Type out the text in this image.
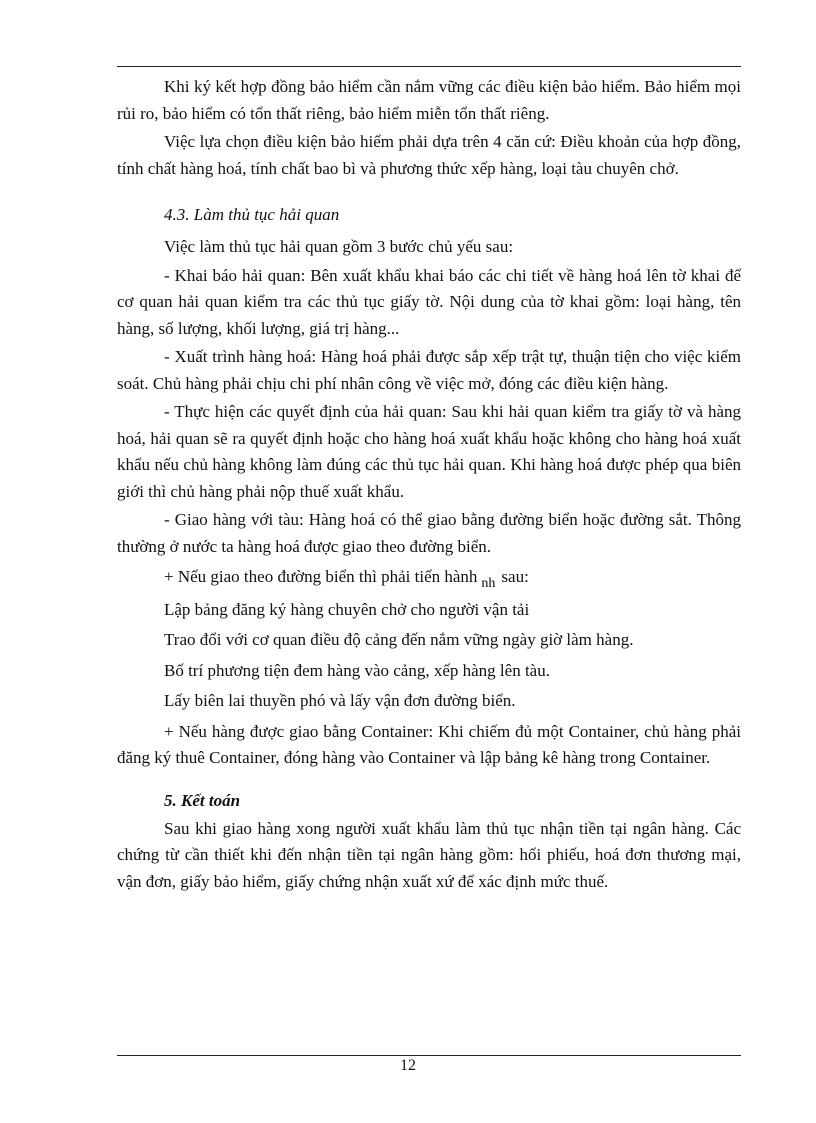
Khi ký kết hợp đồng bảo hiểm cần nắm vững các điều kiện bảo hiểm. Bảo hiểm mọi rủi ro, bảo hiểm có tổn thất riêng, bảo hiểm miễn tổn thất riêng.

Việc lựa chọn điều kiện bảo hiểm phải dựa trên 4 căn cứ: Điều khoản của hợp đồng, tính chất hàng hoá, tính chất bao bì và phương thức xếp hàng, loại tàu chuyên chở.

4.3. Làm thủ tục hải quan

Việc làm thủ tục hải quan gồm 3 bước chủ yếu sau:

- Khai báo hải quan: Bên xuất khẩu khai báo các chi tiết về hàng hoá lên tờ khai để cơ quan hải quan kiểm tra các thủ tục giấy tờ. Nội dung của tờ khai gồm: loại hàng, tên hàng, số lượng, khối lượng, giá trị hàng...

- Xuất trình hàng hoá: Hàng hoá phải được sắp xếp trật tự, thuận tiện cho việc kiểm soát. Chủ hàng phải chịu chi phí nhân công về việc mở, đóng các điều kiện hàng.

- Thực hiện các quyết định của hải quan: Sau khi hải quan kiểm tra giấy tờ và hàng hoá, hải quan sẽ ra quyết định hoặc cho hàng hoá xuất khẩu hoặc không cho hàng hoá xuất khẩu nếu chủ hàng không làm đúng các thủ tục hải quan. Khi hàng hoá được phép qua biên giới thì chủ hàng phải nộp thuế xuất khẩu.

- Giao hàng với tàu: Hàng hoá có thể giao bằng đường biển hoặc đường sắt. Thông thường ở nước ta hàng hoá được giao theo đường biển.

+ Nếu giao theo đường biển thì phải tiến hành $_{nh}$ sau:

Lập bảng đăng ký hàng chuyên chở cho người vận tải

Trao đổi với cơ quan điều độ cảng đến nắm vững ngày giờ làm hàng.

Bố trí phương tiện đem hàng vào cảng, xếp hàng lên tàu.

Lấy biên lai thuyền phó và lấy vận đơn đường biển.

+ Nếu hàng được giao bằng Container: Khi chiếm đủ một Container, chủ hàng phải đăng ký thuê Container, đóng hàng vào Container và lập bảng kê hàng trong Container.

5. Kết toán

Sau khi giao hàng xong người xuất khẩu làm thủ tục nhận tiền tại ngân hàng. Các chứng từ cần thiết khi đến nhận tiền tại ngân hàng gồm: hối phiếu, hoá đơn thương mại, vận đơn, giấy bảo hiểm, giấy chứng nhận xuất xứ để xác định mức thuế.

12
